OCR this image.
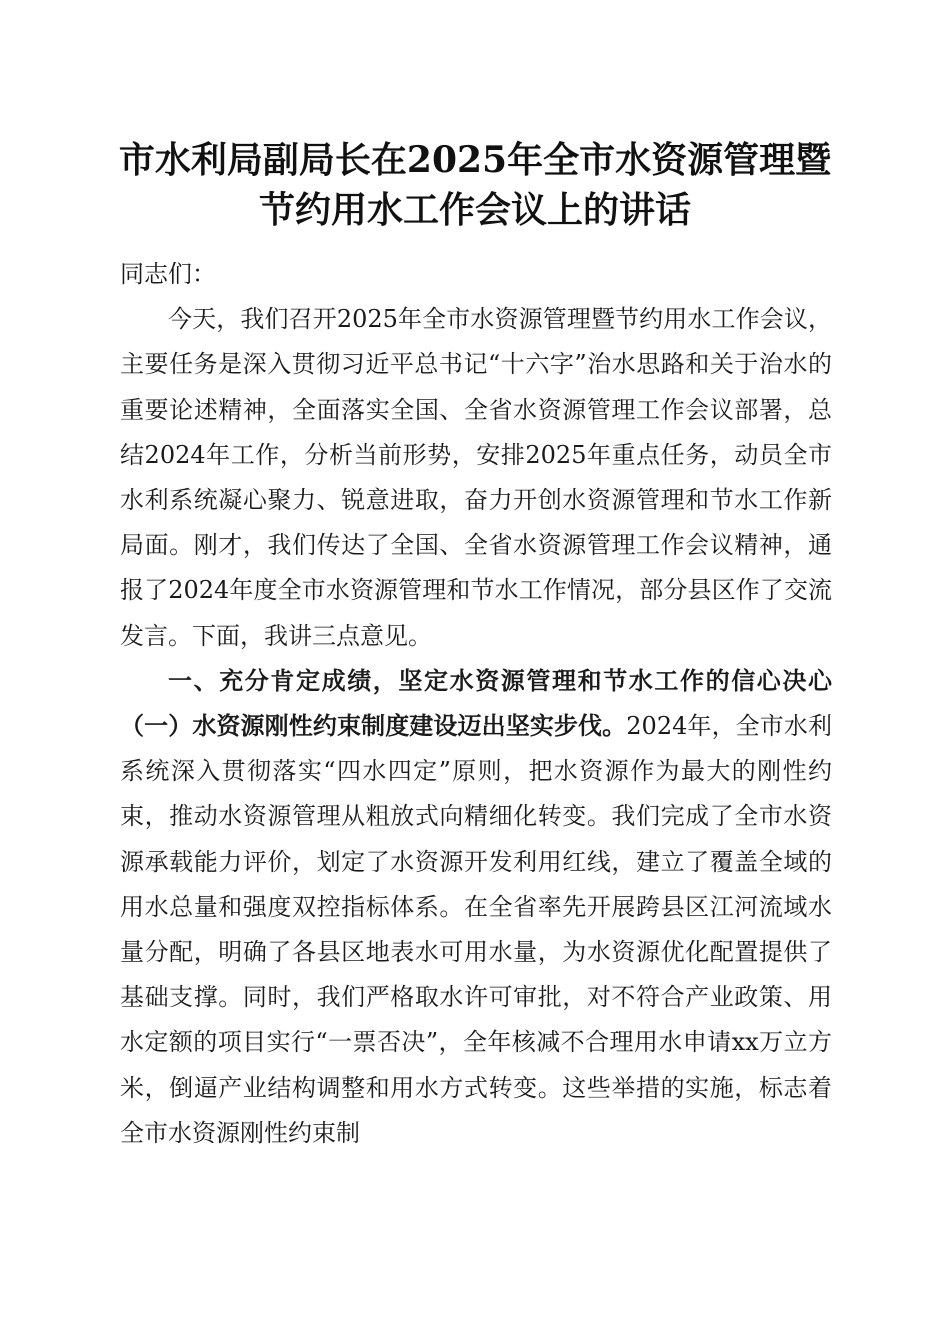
市水利局副局长在2025年全市水资源管理暨
节约用水工作会议上的讲话

同志们：

今天，我们召开2025年全市水资源管理暨节约用水工作会议，主要任务是深入贯彻习近平总书记“十六字”治水思路和关于治水的重要论述精神，全面落实全国、全省水资源管理工作会议部署，总结2024年工作，分析当前形势，安排2025年重点任务，动员全市水利系统凝心聚力、锐意进取，奋力开创水资源管理和节水工作新局面。刚才，我们传达了全国、全省水资源管理工作会议精神，通报了2024年度全市水资源管理和节水工作情况，部分县区作了交流发言。下面，我讲三点意见。

一、充分肯定成绩，坚定水资源管理和节水工作的信心决心（一）水资源刚性约束制度建设迈出坚实步伐。2024年，全市水利系统深入贯彻落实“四水四定”原则，把水资源作为最大的刚性约束，推动水资源管理从粗放式向精细化转变。我们完成了全市水资源承载能力评价，划定了水资源开发利用红线，建立了覆盖全域的用水总量和强度双控指标体系。在全省率先开展跨县区江河流域水量分配，明确了各县区地表水可用水量，为水资源优化配置提供了基础支撑。同时，我们严格取水许可审批，对不符合产业政策、用水定额的项目实行“一票否决”，全年核减不合理用水申请xx万立方米，倒逼产业结构调整和用水方式转变。这些举措的实施，标志着全市水资源刚性约束制
